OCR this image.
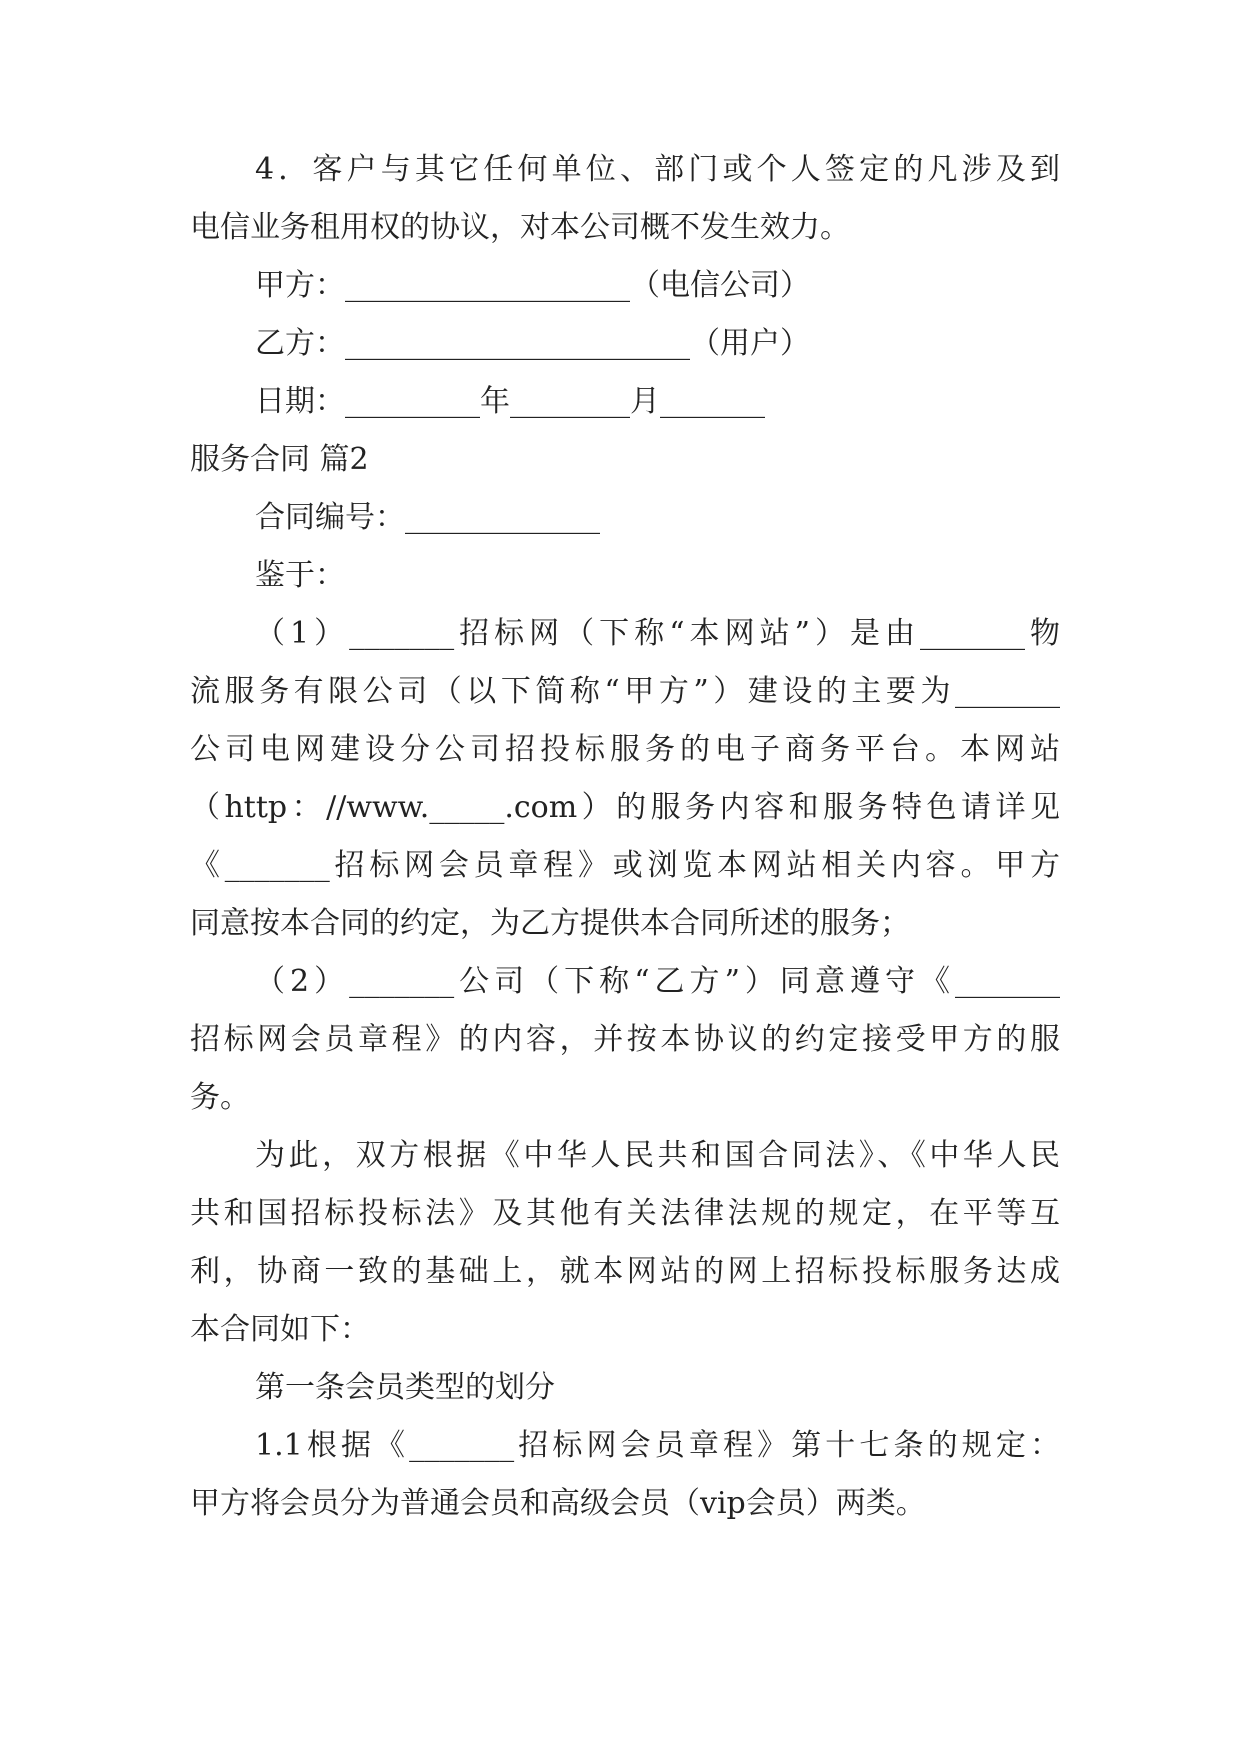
4．客户与其它任何单位、部门或个人签定的凡涉及到
电信业务租用权的协议，对本公司概不发生效力。
甲方：___________________（电信公司）
乙方：_______________________（用户）
日期：_________年________月_______
服务合同 篇2
合同编号：_____________
鉴于：
（1）_______招标网（下称“本网站”）是由_______物
流服务有限公司（以下简称“甲方”）建设的主要为_______
公司电网建设分公司招投标服务的电子商务平台。本网站
（http：//www._____.com）的服务内容和服务特色请详见
《_______招标网会员章程》或浏览本网站相关内容。甲方
同意按本合同的约定，为乙方提供本合同所述的服务；
（2）_______公司（下称“乙方”）同意遵守《_______
招标网会员章程》的内容，并按本协议的约定接受甲方的服
务。
为此，双方根据《中华人民共和国合同法》、《中华人民
共和国招标投标法》及其他有关法律法规的规定，在平等互
利，协商一致的基础上，就本网站的网上招标投标服务达成
本合同如下：
第一条会员类型的划分
1.1根据《_______招标网会员章程》第十七条的规定：
甲方将会员分为普通会员和高级会员（vip会员）两类。
